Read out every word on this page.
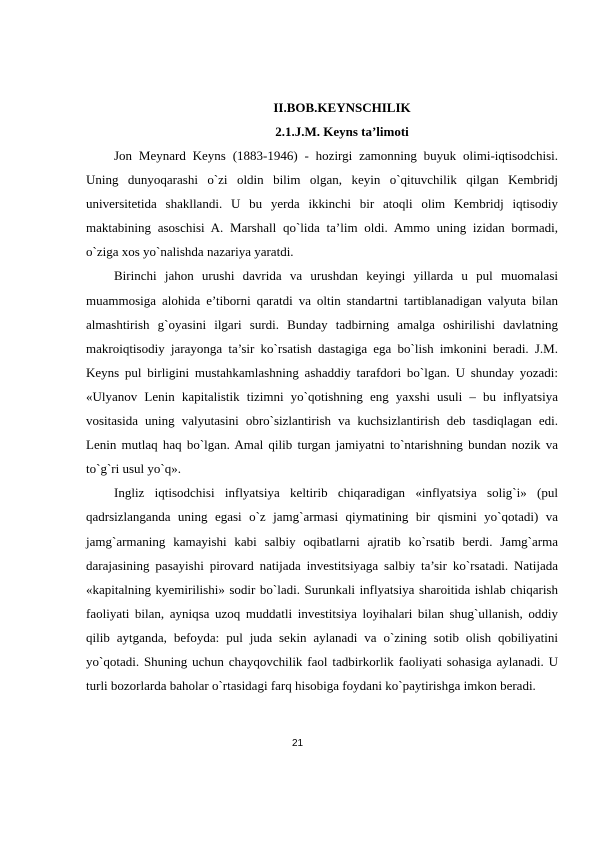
II.BOB.KEYNSCHILIK
2.1.J.M. Keyns ta’limoti

Jon Meynard Keyns (1883-1946) - hozirgi zamonning buyuk olimi-iqtisodchisi. Uning dunyoqarashi o`zi oldin bilim olgan, keyin o`qituvchilik qilgan Kembridj universitetida shakllandi. U bu yerda ikkinchi bir atoqli olim Kembridj iqtisodiy maktabining asoschisi A. Marshall qo`lida ta’lim oldi. Ammo uning izidan bormadi, o`ziga xos yo`nalishda nazariya yaratdi.

Birinchi jahon urushi davrida va urushdan keyingi yillarda u pul muomalasi muammosiga alohida e’tiborni qaratdi va oltin standartni tartiblanadigan valyuta bilan almashtirish g`oyasini ilgari surdi. Bunday tadbirning amalga oshirilishi davlatning makroiqtisodiy jarayonga ta’sir ko`rsatish dastagiga ega bo`lish imkonini beradi. J.M. Keyns pul birligini mustahkamlashning ashaddiy tarafdori bo`lgan. U shunday yozadi: «Ulyanov Lenin kapitalistik tizimni yo`qotishning eng yaxshi usuli – bu inflyatsiya vositasida uning valyutasini obro`sizlantirish va kuchsizlantirish deb tasdiqlagan edi. Lenin mutlaq haq bo`lgan. Amal qilib turgan jamiyatni to`ntarishning bundan nozik va to`g`ri usul yo`q».

Ingliz iqtisodchisi inflyatsiya keltirib chiqaradigan «inflyatsiya solig`i» (pul qadrsizlanganda uning egasi o`z jamg`armasi qiymatining bir qismini yo`qotadi) va jamg`armaning kamayishi kabi salbiy oqibatlarni ajratib ko`rsatib berdi. Jamg`arma darajasining pasayishi pirovard natijada investitsiyaga salbiy ta’sir ko`rsatadi. Natijada «kapitalning kyemirilishi» sodir bo`ladi. Surunkali inflyatsiya sharoitida ishlab chiqarish faoliyati bilan, ayniqsa uzoq muddatli investitsiya loyihalari bilan shug`ullanish, oddiy qilib aytganda, befoyda: pul juda sekin aylanadi va o`zining sotib olish qobiliyatini yo`qotadi. Shuning uchun chayqovchilik faol tadbirkorlik faoliyati sohasiga aylanadi. U turli bozorlarda baholar o`rtasidagi farq hisobiga foydani ko`paytirishga imkon beradi.

21
